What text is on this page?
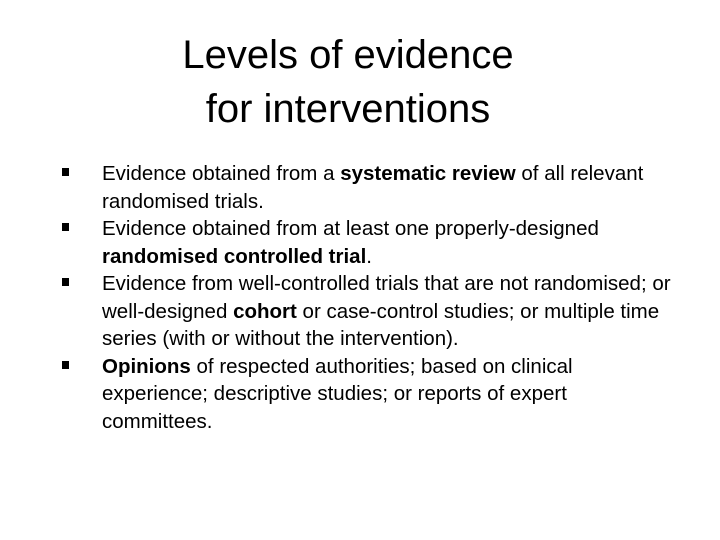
Levels of evidence
for interventions
Evidence obtained from a systematic review of all relevant randomised trials.
Evidence obtained from at least one properly-designed randomised controlled trial.
Evidence from well-controlled trials that are not randomised; or well-designed cohort or case-control studies; or multiple time series (with or without the intervention).
Opinions of respected authorities; based on clinical experience; descriptive studies; or reports of expert committees.
